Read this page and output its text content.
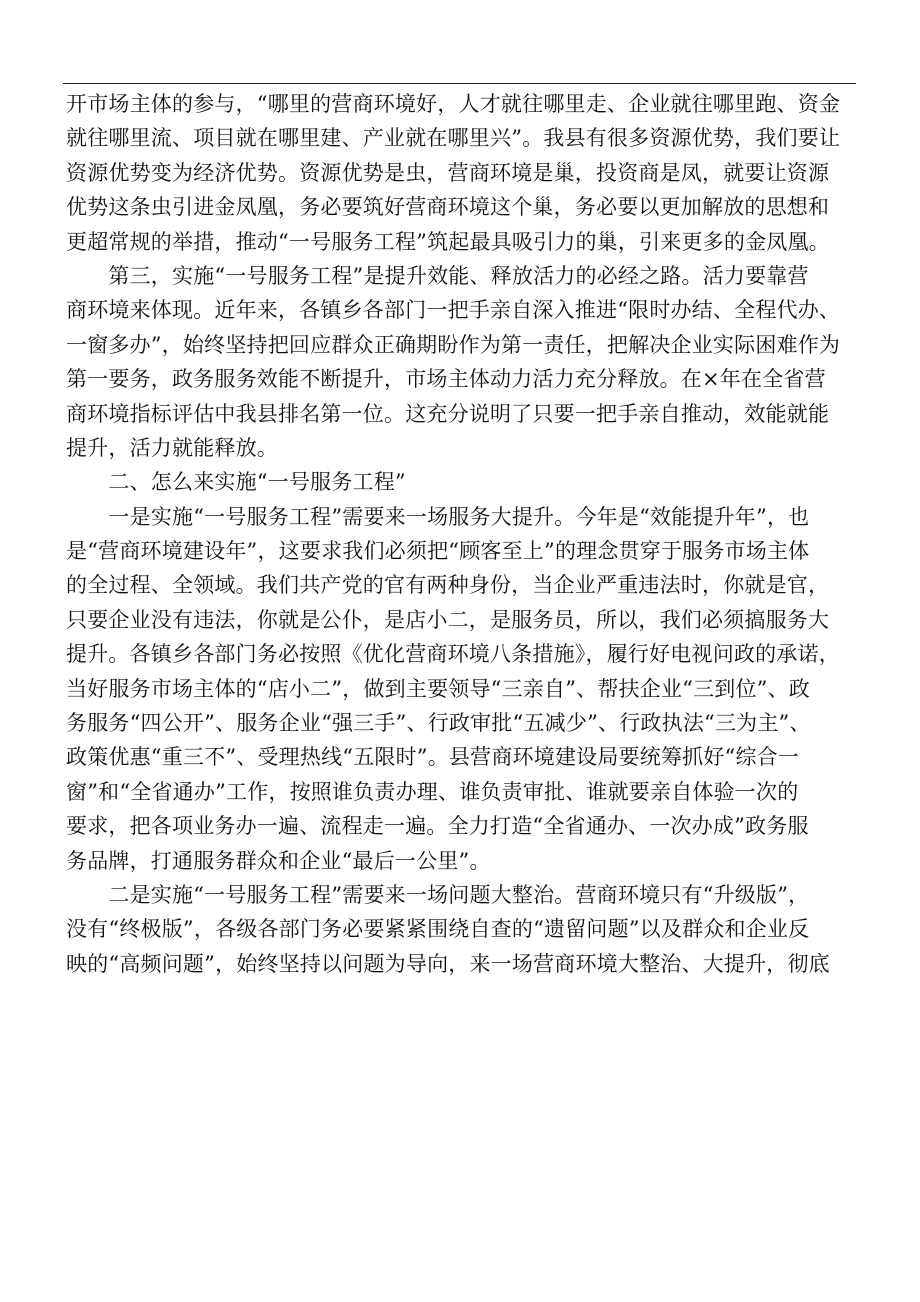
开市场主体的参与，“哪里的营商环境好，人才就往哪里走、企业就往哪里跑、资金
就往哪里流、项目就在哪里建、产业就在哪里兴”。我县有很多资源优势，我们要让
资源优势变为经济优势。资源优势是虫，营商环境是巢，投资商是凤，就要让资源
优势这条虫引进金凤凰，务必要筑好营商环境这个巢，务必要以更加解放的思想和
更超常规的举措，推动“一号服务工程”筑起最具吸引力的巢，引来更多的金凤凰。
　　第三，实施“一号服务工程”是提升效能、释放活力的必经之路。活力要靠营
商环境来体现。近年来，各镇乡各部门一把手亲自深入推进“限时办结、全程代办、
一窗多办”，始终坚持把回应群众正确期盼作为第一责任，把解决企业实际困难作为
第一要务，政务服务效能不断提升，市场主体动力活力充分释放。在×年在全省营
商环境指标评估中我县排名第一位。这充分说明了只要一把手亲自推动，效能就能
提升，活力就能释放。
　　二、怎么来实施“一号服务工程”
　　一是实施“一号服务工程”需要来一场服务大提升。今年是“效能提升年”，也
是“营商环境建设年”，这要求我们必须把“顾客至上”的理念贯穿于服务市场主体
的全过程、全领域。我们共产党的官有两种身份，当企业严重违法时，你就是官，
只要企业没有违法，你就是公仆，是店小二，是服务员，所以，我们必须搞服务大
提升。各镇乡各部门务必按照《优化营商环境八条措施》，履行好电视问政的承诺，
当好服务市场主体的“店小二”，做到主要领导“三亲自”、帮扶企业“三到位”、政
务服务“四公开”、服务企业“强三手”、行政审批“五减少”、行政执法“三为主”、
政策优惠“重三不”、受理热线“五限时”。县营商环境建设局要统筹抓好“综合一
窗”和“全省通办”工作，按照谁负责办理、谁负责审批、谁就要亲自体验一次的
要求，把各项业务办一遍、流程走一遍。全力打造“全省通办、一次办成”政务服
务品牌，打通服务群众和企业“最后一公里”。
　　二是实施“一号服务工程”需要来一场问题大整治。营商环境只有“升级版”，
没有“终极版”，各级各部门务必要紧紧围绕自查的“遗留问题”以及群众和企业反
映的“高频问题”，始终坚持以问题为导向，来一场营商环境大整治、大提升，彻底
